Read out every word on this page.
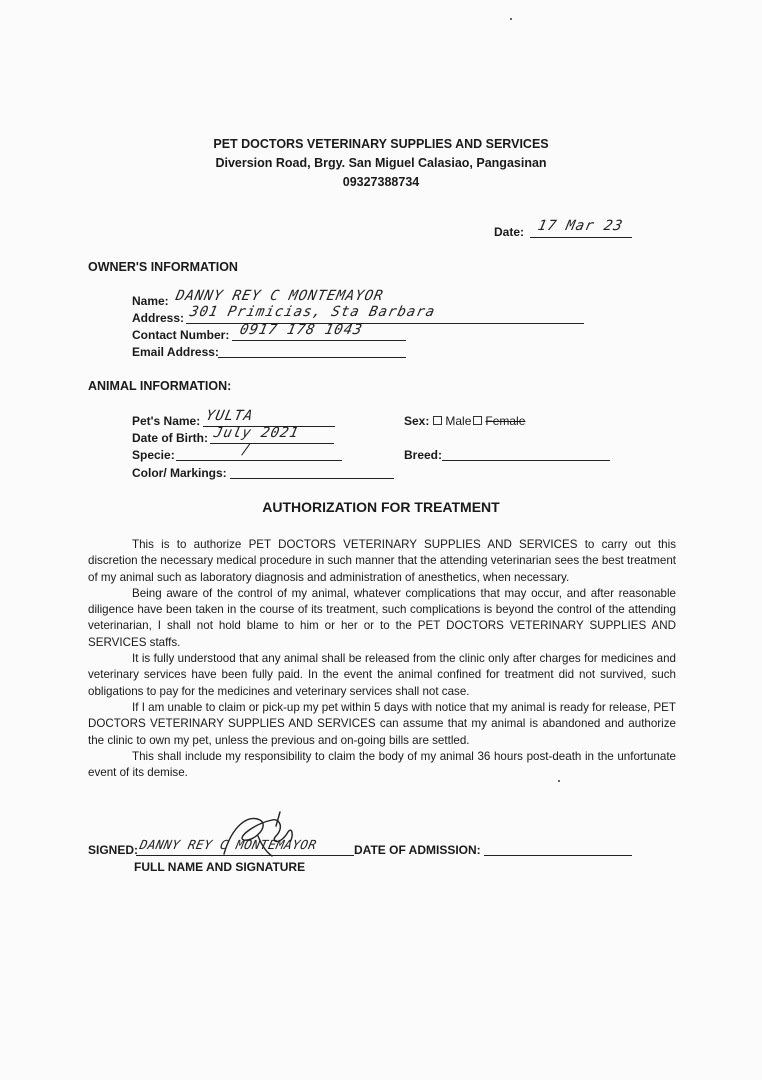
PET DOCTORS VETERINARY SUPPLIES AND SERVICES
Diversion Road, Brgy. San Miguel Calasiao, Pangasinan
09327388734
Date: 17 Mar 23
OWNER'S INFORMATION
Name: DANNY REY C MONTEMAYOR
Address: 301 Primicias, Sta Barbara
Contact Number: 0917 178 1043
Email Address:
ANIMAL INFORMATION:
Pet's Name: YULTA
Date of Birth: July 2021
Specie:	/
Color/ Markings:
Sex: Male Female
Breed:
AUTHORIZATION FOR TREATMENT

This is to authorize PET DOCTORS VETERINARY SUPPLIES AND SERVICES to carry out this discretion the necessary medical procedure in such manner that the attending veterinarian sees the best treatment of my animal such as laboratory diagnosis and administration of anesthetics, when necessary.

Being aware of the control of my animal, whatever complications that may occur, and after reasonable diligence have been taken in the course of its treatment, such complications is beyond the control of the attending veterinarian, I shall not hold blame to him or her or to the PET DOCTORS VETERINARY SUPPLIES AND SERVICES staffs.

It is fully understood that any animal shall be released from the clinic only after charges for medicines and veterinary services have been fully paid. In the event the animal confined for treatment did not survived, such obligations to pay for the medicines and veterinary services shall not case.

If I am unable to claim or pick-up my pet within 5 days with notice that my animal is ready for release, PET DOCTORS VETERINARY SUPPLIES AND SERVICES can assume that my animal is abandoned and authorize the clinic to own my pet, unless the previous and on-going bills are settled.

This shall include my responsibility to claim the body of my animal 36 hours post-death in the unfortunate event of its demise.

SIGNED: DANNY REY C MONTEMAYOR
FULL NAME AND SIGNATURE
DATE OF ADMISSION:
